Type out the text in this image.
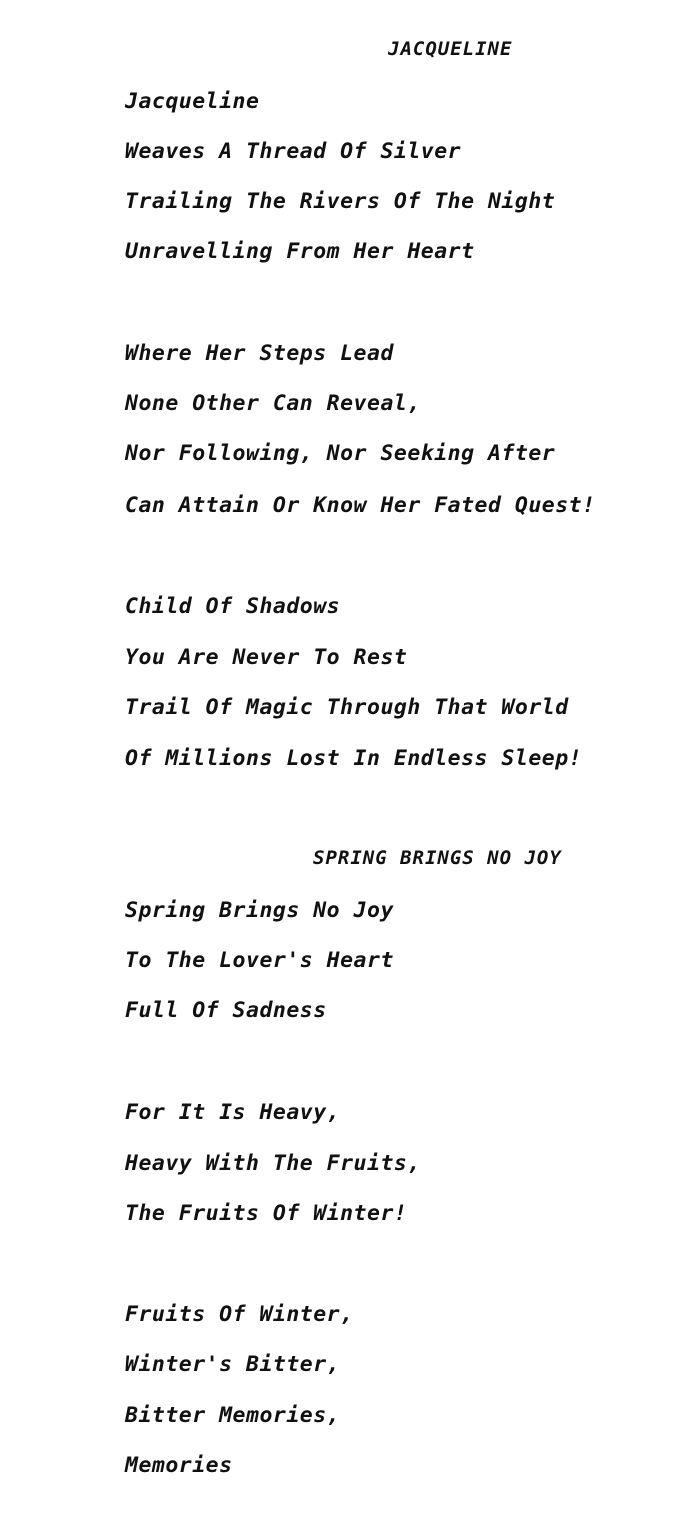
JACQUELINE
Jacqueline
Weaves A Thread Of Silver
Trailing The Rivers Of The Night
Unravelling From Her Heart
Where Her Steps Lead
None Other Can Reveal,
Nor Following, Nor Seeking After
Can Attain Or Know Her Fated Quest!
Child Of Shadows
You Are Never To Rest
Trail Of Magic Through That World
Of Millions Lost In Endless Sleep!
SPRING BRINGS NO JOY
Spring Brings No Joy
To The Lover's Heart
Full Of Sadness
For It Is Heavy,
Heavy With The Fruits,
The Fruits Of Winter!
Fruits Of Winter,
Winter's Bitter,
Bitter Memories,
Memories
